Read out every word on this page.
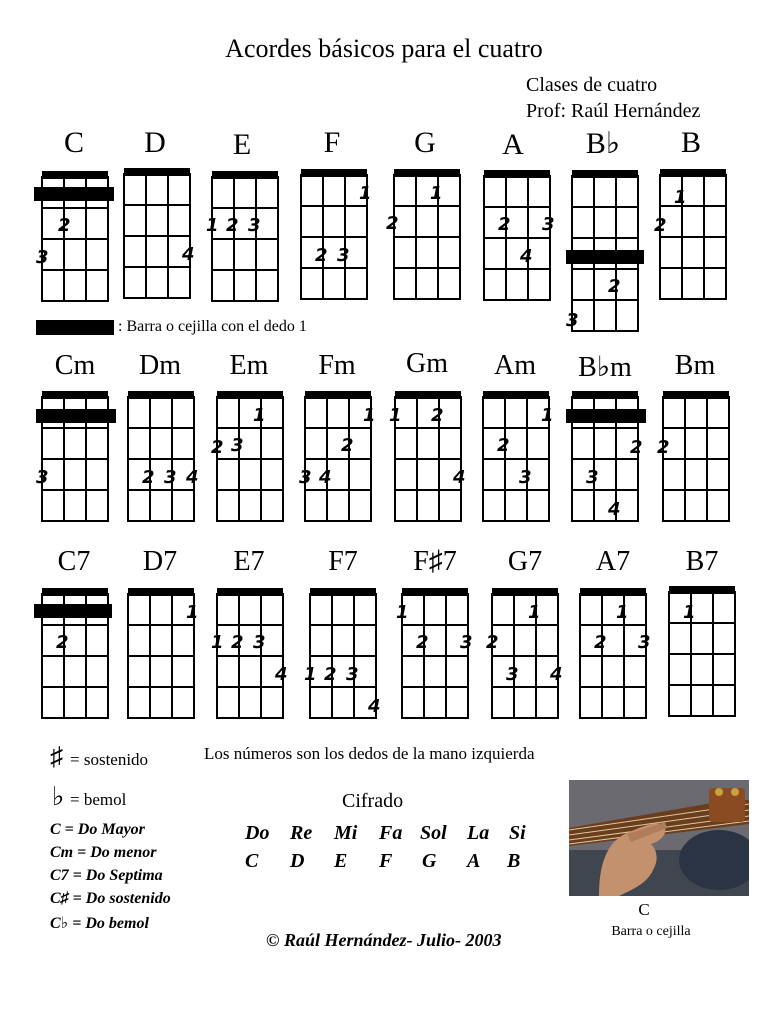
Acordes básicos para el cuatro
Clases de cuatro
Prof: Raúl Hernández
C	D	E	F	G	A	B♭	B
2
3	4
1 2 3
1
2 3
1
2	2 3
4
2
3
1
2
: Barra o cejilla con el dedo 1
Cm	Dm	Em	Fm	Gm	Am	B♭m	Bm
3	2 3 4
1
2 3
1
2
3 4
1 2
4
1
2
3
2
3
4
2
C7	D7	E7	F7	F♯7	G7	A7	B7
2
1
1 2 3
4 1 2 3
4
1
2 3
1
2
3 4
1
2 3
1
♯ = sostenido
♭ = bemol
Los números son los dedos de la mano izquierda
C = Do Mayor
Cm = Do menor
C7 = Do Septima
C♯ = Do sostenido
C♭ = Do bemol
Cifrado
Do Re Mi Fa Sol La Si
C D E F G A B
C
Barra o cejilla
© Raúl Hernández- Julio- 2003
